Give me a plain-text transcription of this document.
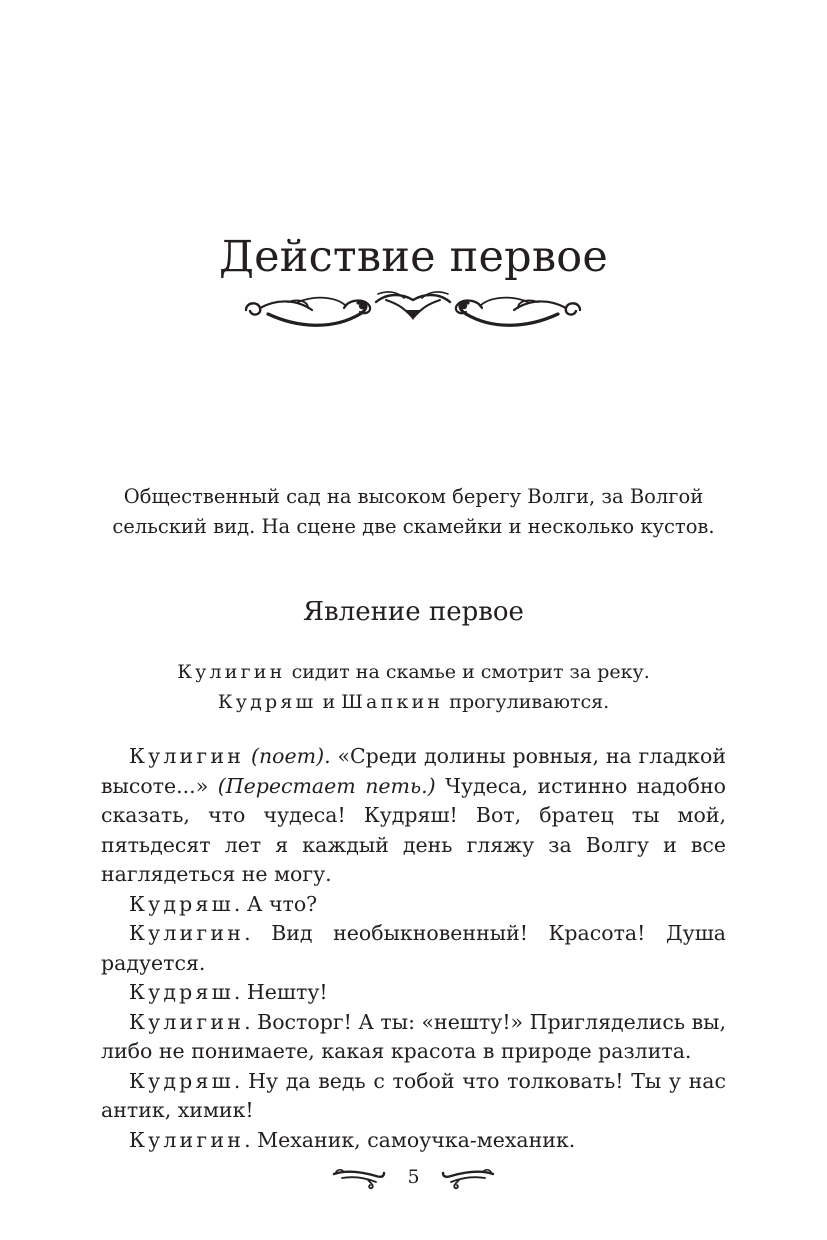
Действие первое
Общественный сад на высоком берегу Волги, за Волгой
сельский вид. На сцене две скамейки и несколько кустов.
Явление первое
Кулигин сидит на скамье и смотрит за реку.
Кудряш и Шапкин прогуливаются.

Кулигин (поет). «Среди долины ровныя, на гладкой высоте...» (Перестает петь.) Чудеса, истинно надобно сказать, что чудеса! Кудряш! Вот, братец ты мой, пятьдесят лет я каждый день гляжу за Волгу и все наглядеться не могу.

Кудряш. А что?

Кулигин. Вид необыкновенный! Красота! Душа радуется.

Кудряш. Нешту!

Кулигин. Восторг! А ты: «нешту!» Пригляделись вы, либо не понимаете, какая красота в природе разлита.

Кудряш. Ну да ведь с тобой что толковать! Ты у нас антик, химик!

Кулигин. Механик, самоучка-механик.

5
